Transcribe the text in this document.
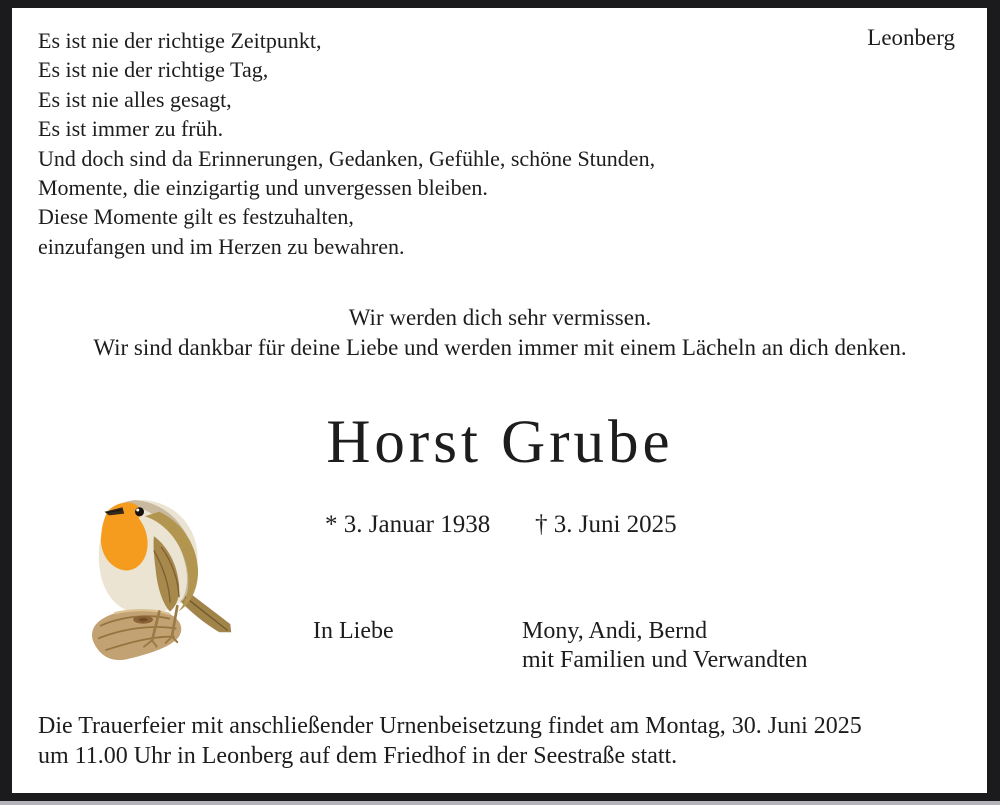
Es ist nie der richtige Zeitpunkt,
Es ist nie der richtige Tag,
Es ist nie alles gesagt,
Es ist immer zu früh.
Und doch sind da Erinnerungen, Gedanken, Gefühle, schöne Stunden,
Momente, die einzigartig und unvergessen bleiben.
Diese Momente gilt es festzuhalten,
einzufangen und im Herzen zu bewahren.
Leonberg
Wir werden dich sehr vermissen.
Wir sind dankbar für deine Liebe und werden immer mit einem Lächeln an dich denken.
Horst Grube
* 3. Januar 1938 † 3. Juni 2025
In Liebe	Mony, Andi, Bernd
mit Familien und Verwandten
Die Trauerfeier mit anschließender Urnenbeisetzung findet am Montag, 30. Juni 2025
um 11.00 Uhr in Leonberg auf dem Friedhof in der Seestraße statt.
